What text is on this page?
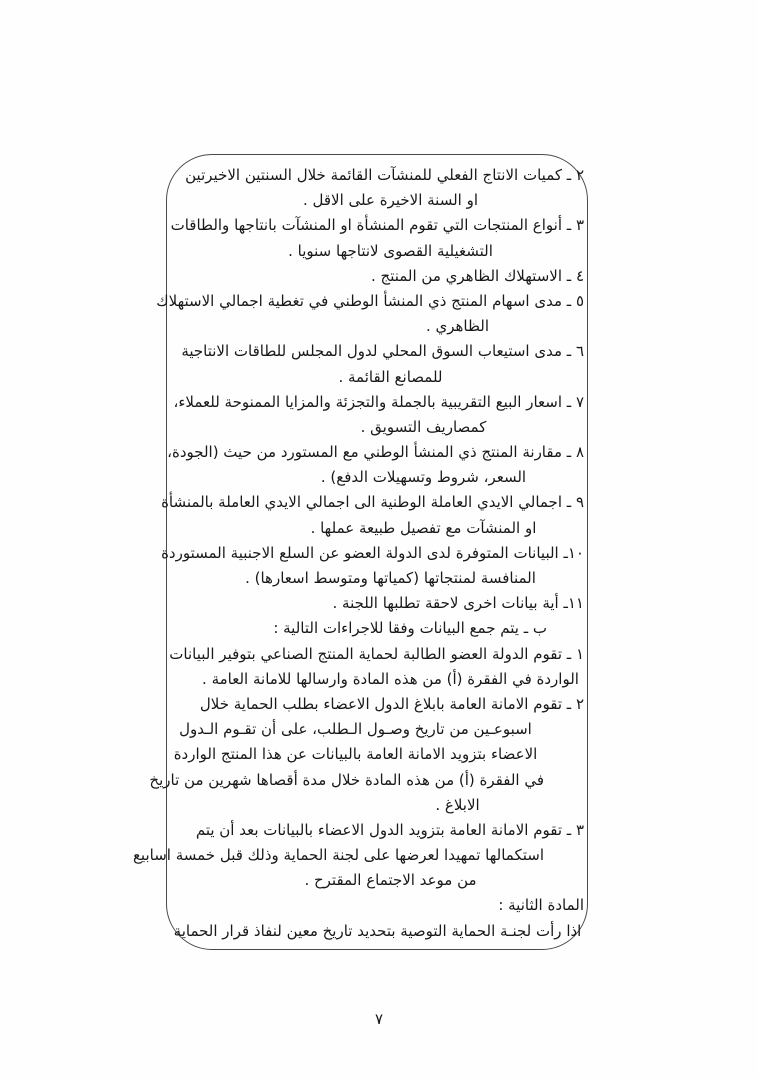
٢ ـ كميات الانتاج الفعلي للمنشآت القائمة خلال السنتين الاخيرتين
او السنة الاخيرة على الاقل .
٣ ـ أنواع المنتجات التي تقوم المنشأة او المنشآت بانتاجها والطاقات
التشغيلية القصوى لانتاجها سنويا .
٤ ـ الاستهلاك الظاهري من المنتج .
٥ ـ مدى اسهام المنتج ذي المنشأ الوطني في تغطية اجمالي الاستهلاك
الظاهري .
٦ ـ مدى استيعاب السوق المحلي لدول المجلس للطاقات الانتاجية
للمصانع القائمة .
٧ ـ اسعار البيع التقريبية بالجملة والتجزئة والمزايا الممنوحة للعملاء،
كمصاريف التسويق .
٨ ـ مقارنة المنتج ذي المنشأ الوطني مع المستورد من حيث (الجودة،
السعر، شروط وتسهيلات الدفع) .
٩ ـ اجمالي الايدي العاملة الوطنية الى اجمالي الايدي العاملة بالمنشأة
او المنشآت مع تفصيل طبيعة عملها .
١٠ـ البيانات المتوفرة لدى الدولة العضو عن السلع الاجنبية المستوردة
المنافسة لمنتجاتها (كمياتها ومتوسط اسعارها) .
١١ـ أية بيانات اخرى لاحقة تطلبها اللجنة .
ب ـ يتم جمع البيانات وفقا للاجراءات التالية :
١ ـ تقوم الدولة العضو الطالبة لحماية المنتج الصناعي بتوفير البيانات
الواردة في الفقرة (أ) من هذه المادة وارسالها للامانة العامة .
٢ ـ تقوم الامانة العامة بابلاغ الدول الاعضاء بطلب الحماية خلال
اسبوعـين من تاريخ وصـول الـطلب، على أن تقـوم الـدول
الاعضاء بتزويد الامانة العامة بالبيانات عن هذا المنتج الواردة
في الفقرة (أ) من هذه المادة خلال مدة أقصاها شهرين من تاريخ
الابلاغ .
٣ ـ تقوم الامانة العامة بتزويد الدول الاعضاء بالبيانات بعد أن يتم
استكمالها تمهيدا لعرضها على لجنة الحماية وذلك قبل خمسة اسابيع
من موعد الاجتماع المقترح .
المادة الثانية :
اذا رأت لجنـة الحماية التوصية بتحديد تاريخ معين لنفاذ قرار الحماية
٧
